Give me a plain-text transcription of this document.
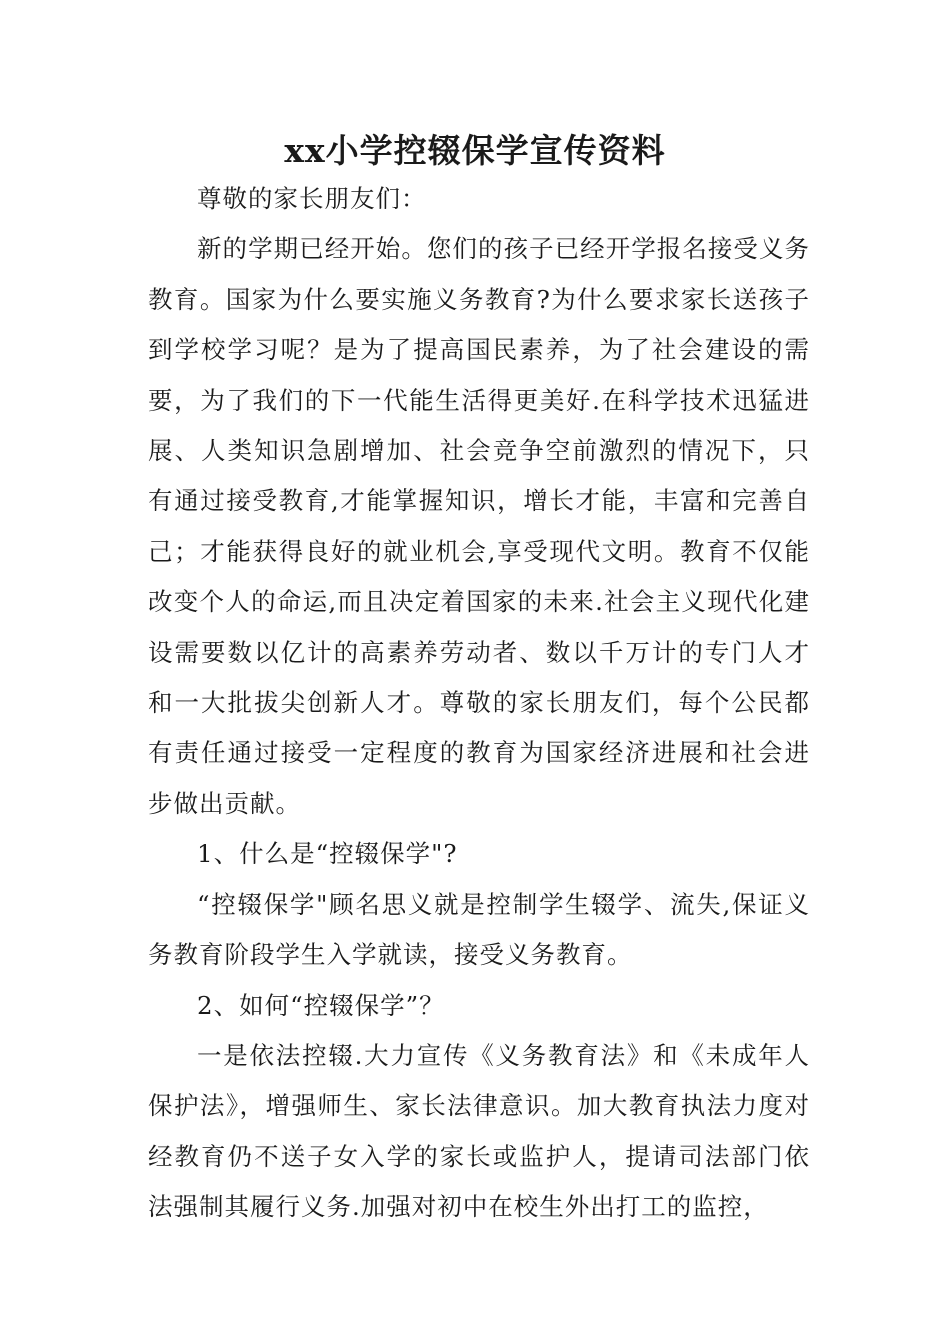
xx小学控辍保学宣传资料

尊敬的家长朋友们：

新的学期已经开始。您们的孩子已经开学报名接受义务教育。国家为什么要实施义务教育?为什么要求家长送孩子到学校学习呢？是为了提高国民素养，为了社会建设的需要，为了我们的下一代能生活得更美好.在科学技术迅猛进展、人类知识急剧增加、社会竞争空前激烈的情况下，只有通过接受教育,才能掌握知识，增长才能，丰富和完善自己；才能获得良好的就业机会,享受现代文明。教育不仅能改变个人的命运,而且决定着国家的未来.社会主义现代化建设需要数以亿计的高素养劳动者、数以千万计的专门人才和一大批拔尖创新人才。尊敬的家长朋友们，每个公民都有责任通过接受一定程度的教育为国家经济进展和社会进步做出贡献。

1、什么是“控辍保学"?

“控辍保学"顾名思义就是控制学生辍学、流失,保证义务教育阶段学生入学就读，接受义务教育。

2、如何“控辍保学”？

一是依法控辍.大力宣传《义务教育法》和《未成年人保护法》，增强师生、家长法律意识。加大教育执法力度对经教育仍不送子女入学的家长或监护人，提请司法部门依法强制其履行义务.加强对初中在校生外出打工的监控，
